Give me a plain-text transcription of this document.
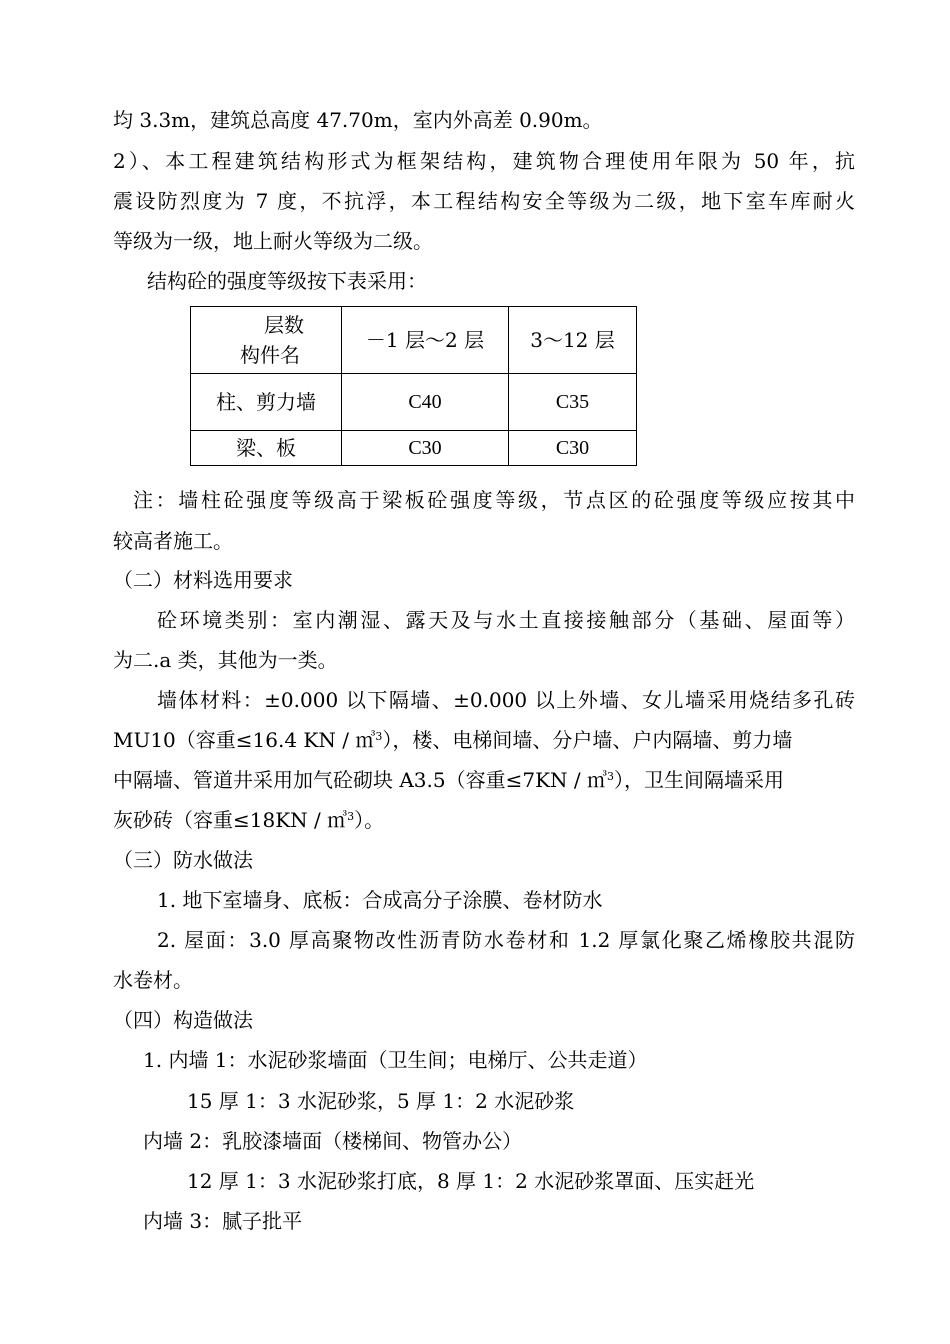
均 3.3m，建筑总高度 47.70m，室内外高差 0.90m。
2）、本工程建筑结构形式为框架结构，建筑物合理使用年限为 50 年，抗
震设防烈度为 7 度，不抗浮，本工程结构安全等级为二级，地下室车库耐火
等级为一级，地上耐火等级为二级。
结构砼的强度等级按下表采用：
层数
构件名	－1 层～2 层	3～12 层
柱、剪力墙	C40	C35
梁、板	C30	C30
注：墙柱砼强度等级高于梁板砼强度等级，节点区的砼强度等级应按其中
较高者施工。
（二）材料选用要求
砼环境类别：室内潮湿、露天及与水土直接接触部分（基础、屋面等）
为二.a 类，其他为一类。
墙体材料：±0.000 以下隔墙、±0.000 以上外墙、女儿墙采用烧结多孔砖
MU10（容重≤16.4 KN / ㎥$^3$），楼、电梯间墙、分户墙、户内隔墙、剪力墙
中隔墙、管道井采用加气砼砌块 A3.5（容重≤7KN / ㎥$^3$），卫生间隔墙采用
灰砂砖（容重≤18KN / ㎥$^3$）。
（三）防水做法
1. 地下室墙身、底板：合成高分子涂膜、卷材防水
2. 屋面：3.0 厚高聚物改性沥青防水卷材和 1.2 厚氯化聚乙烯橡胶共混防
水卷材。
（四）构造做法
1. 内墙 1：水泥砂浆墙面（卫生间；电梯厅、公共走道）
15 厚 1：3 水泥砂浆，5 厚 1：2 水泥砂浆
内墙 2：乳胶漆墙面（楼梯间、物管办公）
12 厚 1：3 水泥砂浆打底，8 厚 1：2 水泥砂浆罩面、压实赶光
内墙 3：腻子批平
